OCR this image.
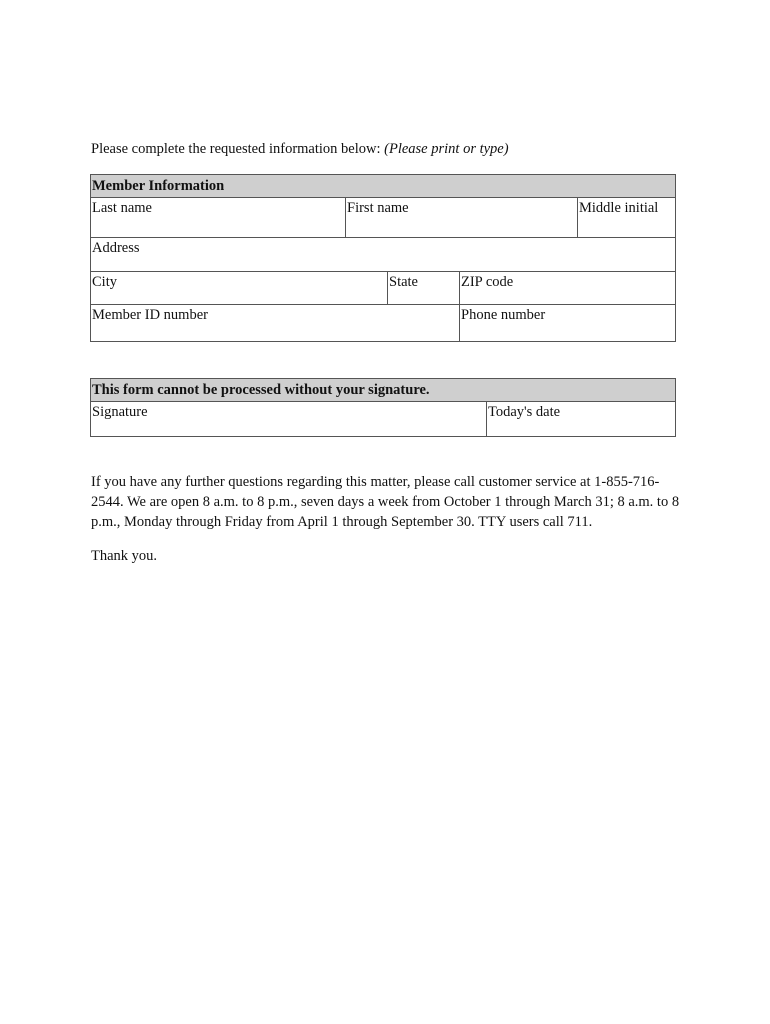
Please complete the requested information below: (Please print or type)
Member Information				

Last name	First name			Middle initial

Address				

City		State	ZIP code	

Member ID number			Phone number	
This form cannot be processed without your signature.

Signature	Today's date

If you have any further questions regarding this matter, please call customer service at 1-855-716-2544. We are open 8 a.m. to 8 p.m., seven days a week from October 1 through March 31; 8 a.m. to 8 p.m., Monday through Friday from April 1 through September 30. TTY users call 711.

Thank you.
